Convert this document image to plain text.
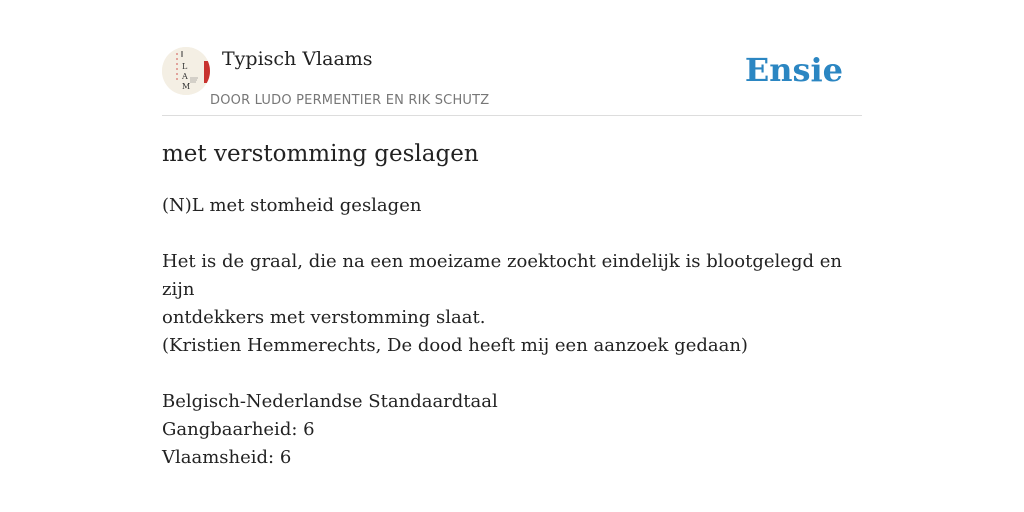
L
A
M
Typisch Vlaams
DOOR LUDO PERMENTIER EN RIK SCHUTZ
Ensie
met verstomming geslagen

(N)L met stomheid geslagen

Het is de graal, die na een moeizame zoektocht eindelijk is blootgelegd en zijn

ontdekkers met verstomming slaat.

(Kristien Hemmerechts, De dood heeft mij een aanzoek gedaan)

Belgisch-Nederlandse Standaardtaal

Gangbaarheid: 6

Vlaamsheid: 6
